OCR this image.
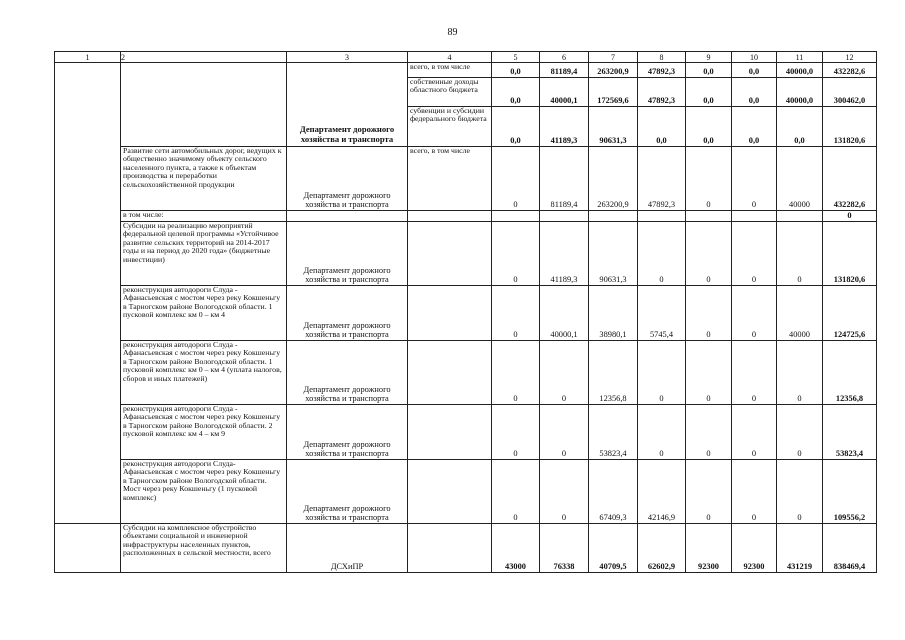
89
1	2	3	4	5	6	7	8	9	10	11	12
		Департамент дорожного хозяйства и транспорта	всего, в том числе	0,0	81189,4	263200,9	47892,3	0,0	0,0	40000,0	432282,6
			собственные доходы областного бюджета	0,0	40000,1	172569,6	47892,3	0,0	0,0	40000,0	300462,0
			субвенции и субсидии федерального бюджета	0,0	41189,3	90631,3	0,0	0,0	0,0	0,0	131820,6
	Развитие сети автомобильных дорог, ведущих к общественно значимому объекту сельского населенного пункта, а также к объектам производства и переработки сельскохозяйственной продукции	Департамент дорожного хозяйства и транспорта	всего, в том числе	0	81189,4	263200,9	47892,3	0	0	40000	432282,6
	в том числе:										0
	Субсидии на реализацию мероприятий федеральной целевой программы «Устойчивое развитие сельских территорий на 2014-2017 годы и на период до 2020 года» (бюджетные инвестиции)	Департамент дорожного хозяйства и транспорта		0	41189,3	90631,3	0	0	0	0	131820,6
	реконструкция автодороги Слуда - Афанасьевская с мостом через реку Кокшеньгу в Тарногском районе Вологодской области. 1 пусковой комплекс км 0 – км 4	Департамент дорожного хозяйства и транспорта		0	40000,1	38980,1	5745,4	0	0	40000	124725,6
	реконструкция автодороги Слуда - Афанасьевская с мостом через реку Кокшеньгу в Тарногском районе Вологодской области. 1 пусковой комплекс км 0 – км 4 (уплата налогов, сборов и иных платежей)	Департамент дорожного хозяйства и транспорта		0	0	12356,8	0	0	0	0	12356,8
	реконструкция автодороги Слуда - Афанасьевская с мостом через реку Кокшеньгу в Тарногском районе Вологодской области. 2 пусковой комплекс км 4 – км 9	Департамент дорожного хозяйства и транспорта		0	0	53823,4	0	0	0	0	53823,4
	реконструкция автодороги Слуда- Афанасьевская с мостом через реку Кокшеньгу в Тарногском районе Вологодской области. Мост через реку Кокшеньгу (1 пусковой комплекс)	Департамент дорожного хозяйства и транспорта		0	0	67409,3	42146,9	0	0	0	109556,2
	Субсидии на комплексное обустройство объектами социальной и инженерной инфраструктуры населенных пунктов, расположенных в сельской местности, всего	ДСХиПР		43000	76338	40709,5	62602,9	92300	92300	431219	838469,4
